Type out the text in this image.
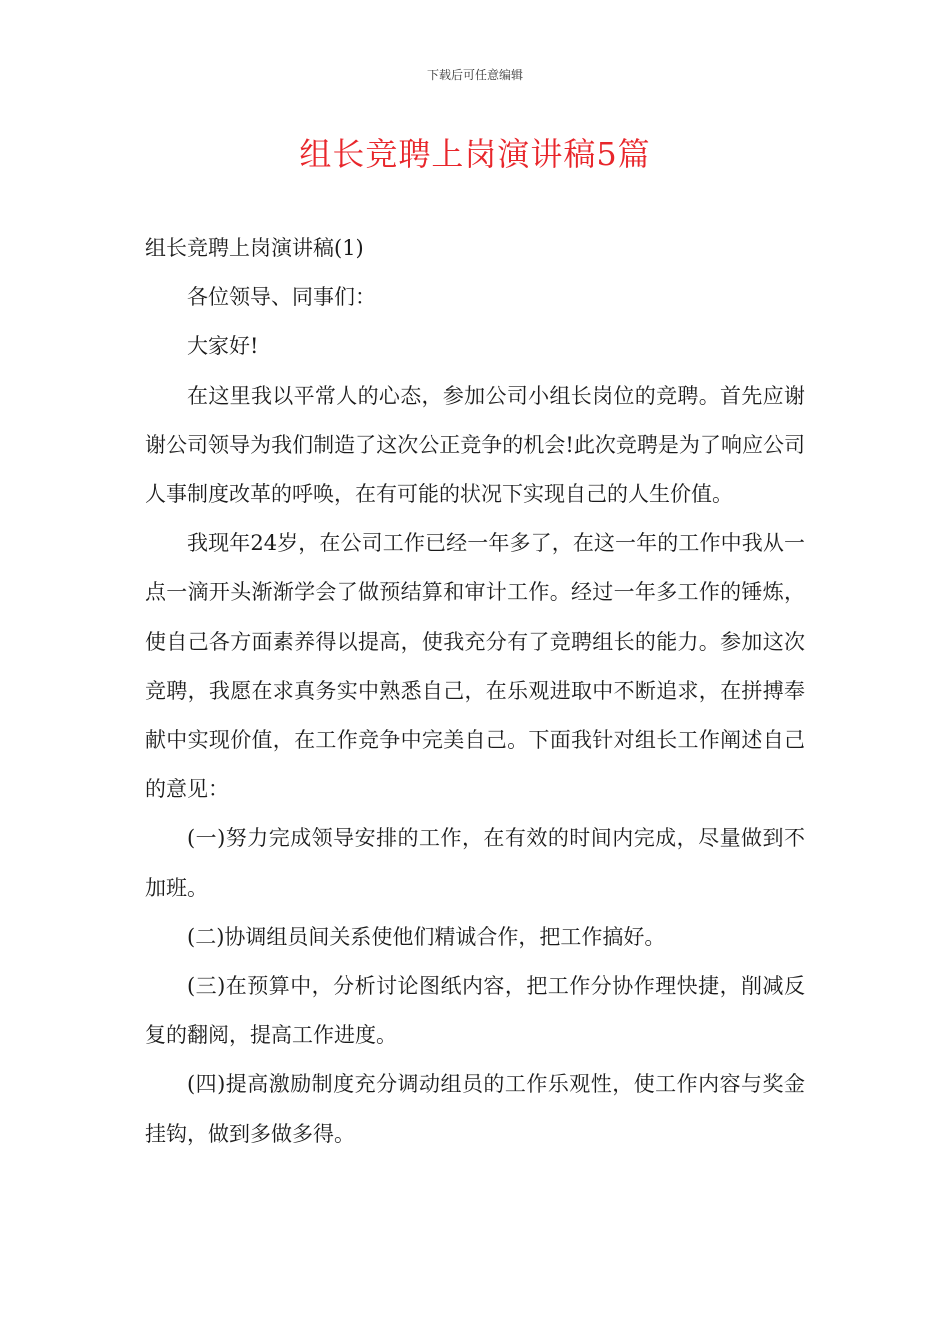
下载后可任意编辑
组长竞聘上岗演讲稿5篇

组长竞聘上岗演讲稿(1)

各位领导、同事们：

大家好!

在这里我以平常人的心态，参加公司小组长岗位的竞聘。首先应谢谢公司领导为我们制造了这次公正竞争的机会!此次竞聘是为了响应公司人事制度改革的呼唤，在有可能的状况下实现自己的人生价值。

我现年24岁，在公司工作已经一年多了，在这一年的工作中我从一点一滴开头渐渐学会了做预结算和审计工作。经过一年多工作的锤炼，使自己各方面素养得以提高，使我充分有了竞聘组长的能力。参加这次竞聘，我愿在求真务实中熟悉自己，在乐观进取中不断追求，在拼搏奉献中实现价值，在工作竞争中完美自己。下面我针对组长工作阐述自己的意见：

(一)努力完成领导安排的工作，在有效的时间内完成，尽量做到不加班。

(二)协调组员间关系使他们精诚合作，把工作搞好。

(三)在预算中，分析讨论图纸内容，把工作分协作理快捷，削减反复的翻阅，提高工作进度。

(四)提高激励制度充分调动组员的工作乐观性，使工作内容与奖金挂钩，做到多做多得。
